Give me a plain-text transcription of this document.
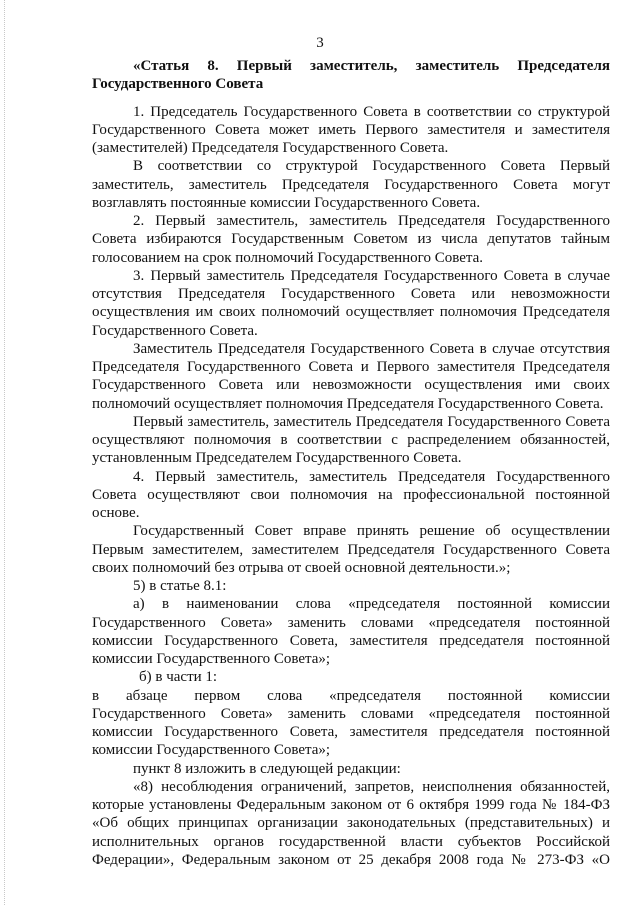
3
«Статья 8. Первый заместитель, заместитель Председателя
Государственного Совета
1. Председатель Государственного Совета в соответствии со структурой
Государственного Совета может иметь Первого заместителя и заместителя
(заместителей) Председателя Государственного Совета.
В соответствии со структурой Государственного Совета Первый
заместитель, заместитель Председателя Государственного Совета могут
возглавлять постоянные комиссии Государственного Совета.
2. Первый заместитель, заместитель Председателя Государственного
Совета избираются Государственным Советом из числа депутатов тайным
голосованием на срок полномочий Государственного Совета.
3. Первый заместитель Председателя Государственного Совета в случае
отсутствия Председателя Государственного Совета или невозможности
осуществления им своих полномочий осуществляет полномочия Председателя
Государственного Совета.
Заместитель Председателя Государственного Совета в случае отсутствия
Председателя Государственного Совета и Первого заместителя Председателя
Государственного Совета или невозможности осуществления ими своих
полномочий осуществляет полномочия Председателя Государственного Совета.
Первый заместитель, заместитель Председателя Государственного Совета
осуществляют полномочия в соответствии с распределением обязанностей,
установленным Председателем Государственного Совета.
4. Первый заместитель, заместитель Председателя Государственного
Совета осуществляют свои полномочия на профессиональной постоянной
основе.
Государственный Совет вправе принять решение об осуществлении
Первым заместителем, заместителем Председателя Государственного Совета
своих полномочий без отрыва от своей основной деятельности.»;
5) в статье 8.1:
а) в наименовании слова «председателя постоянной комиссии
Государственного Совета» заменить словами «председателя постоянной
комиссии Государственного Совета, заместителя председателя постоянной
комиссии Государственного Совета»;
б) в части 1:
в абзаце первом слова «председателя постоянной комиссии
Государственного Совета» заменить словами «председателя постоянной
комиссии Государственного Совета, заместителя председателя постоянной
комиссии Государственного Совета»;
пункт 8 изложить в следующей редакции:
«8) несоблюдения ограничений, запретов, неисполнения обязанностей,
которые установлены Федеральным законом от 6 октября 1999 года № 184-ФЗ
«Об общих принципах организации законодательных (представительных) и
исполнительных органов государственной власти субъектов Российской
Федерации», Федеральным законом от 25 декабря 2008 года № 273-ФЗ «О
